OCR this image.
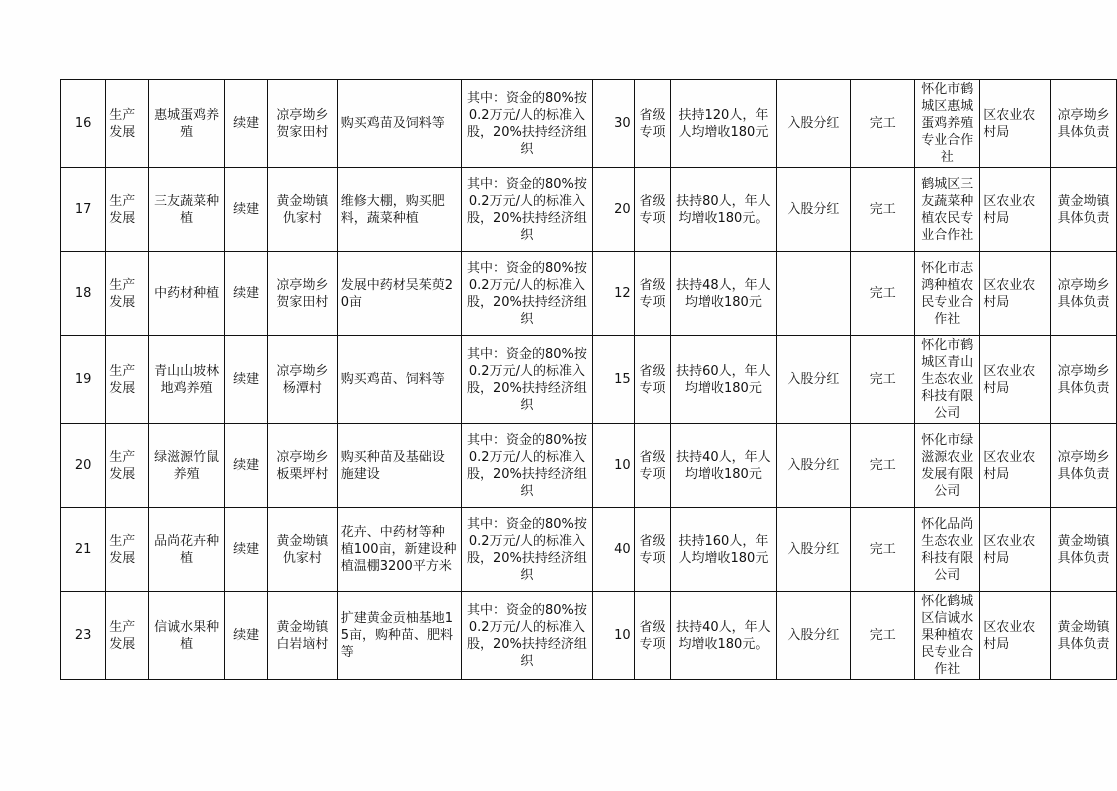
16	生产发展	惠城蛋鸡养殖	续建	凉亭坳乡贺家田村	购买鸡苗及饲料等	其中：资金的80%按0.2万元/人的标准入股，20%扶持经济组织	30	省级专项	扶持120人，年人均增收180元	入股分红	完工	怀化市鹤城区惠城蛋鸡养殖专业合作社	区农业农村局	凉亭坳乡具体负责
17	生产发展	三友蔬菜种植	续建	黄金坳镇仇家村	维修大棚，购买肥料，蔬菜种植	其中：资金的80%按0.2万元/人的标准入股，20%扶持经济组织	20	省级专项	扶持80人，年人均增收180元。	入股分红	完工	鹤城区三友蔬菜种植农民专业合作社	区农业农村局	黄金坳镇具体负责
18	生产发展	中药材种植	续建	凉亭坳乡贺家田村	发展中药材吴茱萸20亩	其中：资金的80%按0.2万元/人的标准入股，20%扶持经济组织	12	省级专项	扶持48人，年人均增收180元		完工	怀化市志鸿种植农民专业合作社	区农业农村局	凉亭坳乡具体负责
19	生产发展	青山山坡林地鸡养殖	续建	凉亭坳乡杨潭村	购买鸡苗、饲料等	其中：资金的80%按0.2万元/人的标准入股，20%扶持经济组织	15	省级专项	扶持60人，年人均增收180元	入股分红	完工	怀化市鹤城区青山生态农业科技有限公司	区农业农村局	凉亭坳乡具体负责
20	生产发展	绿滋源竹鼠养殖	续建	凉亭坳乡板栗坪村	购买种苗及基础设施建设	其中：资金的80%按0.2万元/人的标准入股，20%扶持经济组织	10	省级专项	扶持40人，年人均增收180元	入股分红	完工	怀化市绿滋源农业发展有限公司	区农业农村局	凉亭坳乡具体负责
21	生产发展	品尚花卉种植	续建	黄金坳镇仇家村	花卉、中药材等种植100亩，新建设种植温棚3200平方米	其中：资金的80%按0.2万元/人的标准入股，20%扶持经济组织	40	省级专项	扶持160人，年人均增收180元	入股分红	完工	怀化品尚生态农业科技有限公司	区农业农村局	黄金坳镇具体负责
23	生产发展	信诚水果种植	续建	黄金坳镇白岩垴村	扩建黄金贡柚基地15亩，购种苗、肥料等	其中：资金的80%按0.2万元/人的标准入股，20%扶持经济组织	10	省级专项	扶持40人，年人均增收180元。	入股分红	完工	怀化鹤城区信诚水果种植农民专业合作社	区农业农村局	黄金坳镇具体负责
